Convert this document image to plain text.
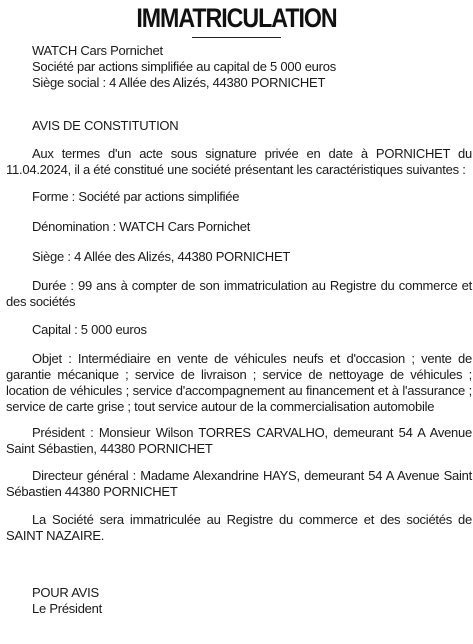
IMMATRICULATION
WATCH Cars Pornichet
Société par actions simplifiée au capital de 5 000 euros
Siège social : 4 Allée des Alizés, 44380 PORNICHET
AVIS DE CONSTITUTION

Aux termes d'un acte sous signature privée en date à PORNICHET du 11.04.2024, il a été constitué une société présentant les caractéristiques suivantes :

Forme : Société par actions simplifiée

Dénomination : WATCH Cars Pornichet

Siège : 4 Allée des Alizés, 44380 PORNICHET

Durée : 99 ans à compter de son immatriculation au Registre du commerce et des sociétés

Capital : 5 000 euros

Objet : Intermédiaire en vente de véhicules neufs et d'occasion ; vente de garantie mécanique ; service de livraison ; service de nettoyage de véhicules ; location de véhicules ; service d'accompagnement au financement et à l'assurance ; service de carte grise ; tout service autour de la commercialisation automobile

Président : Monsieur Wilson TORRES CARVALHO, demeurant 54 A Avenue Saint Sébastien, 44380 PORNICHET

Directeur général : Madame Alexandrine HAYS, demeurant 54 A Avenue Saint Sébastien 44380 PORNICHET

La Société sera immatriculée au Registre du commerce et des sociétés de SAINT NAZAIRE.

POUR AVIS
Le Président
